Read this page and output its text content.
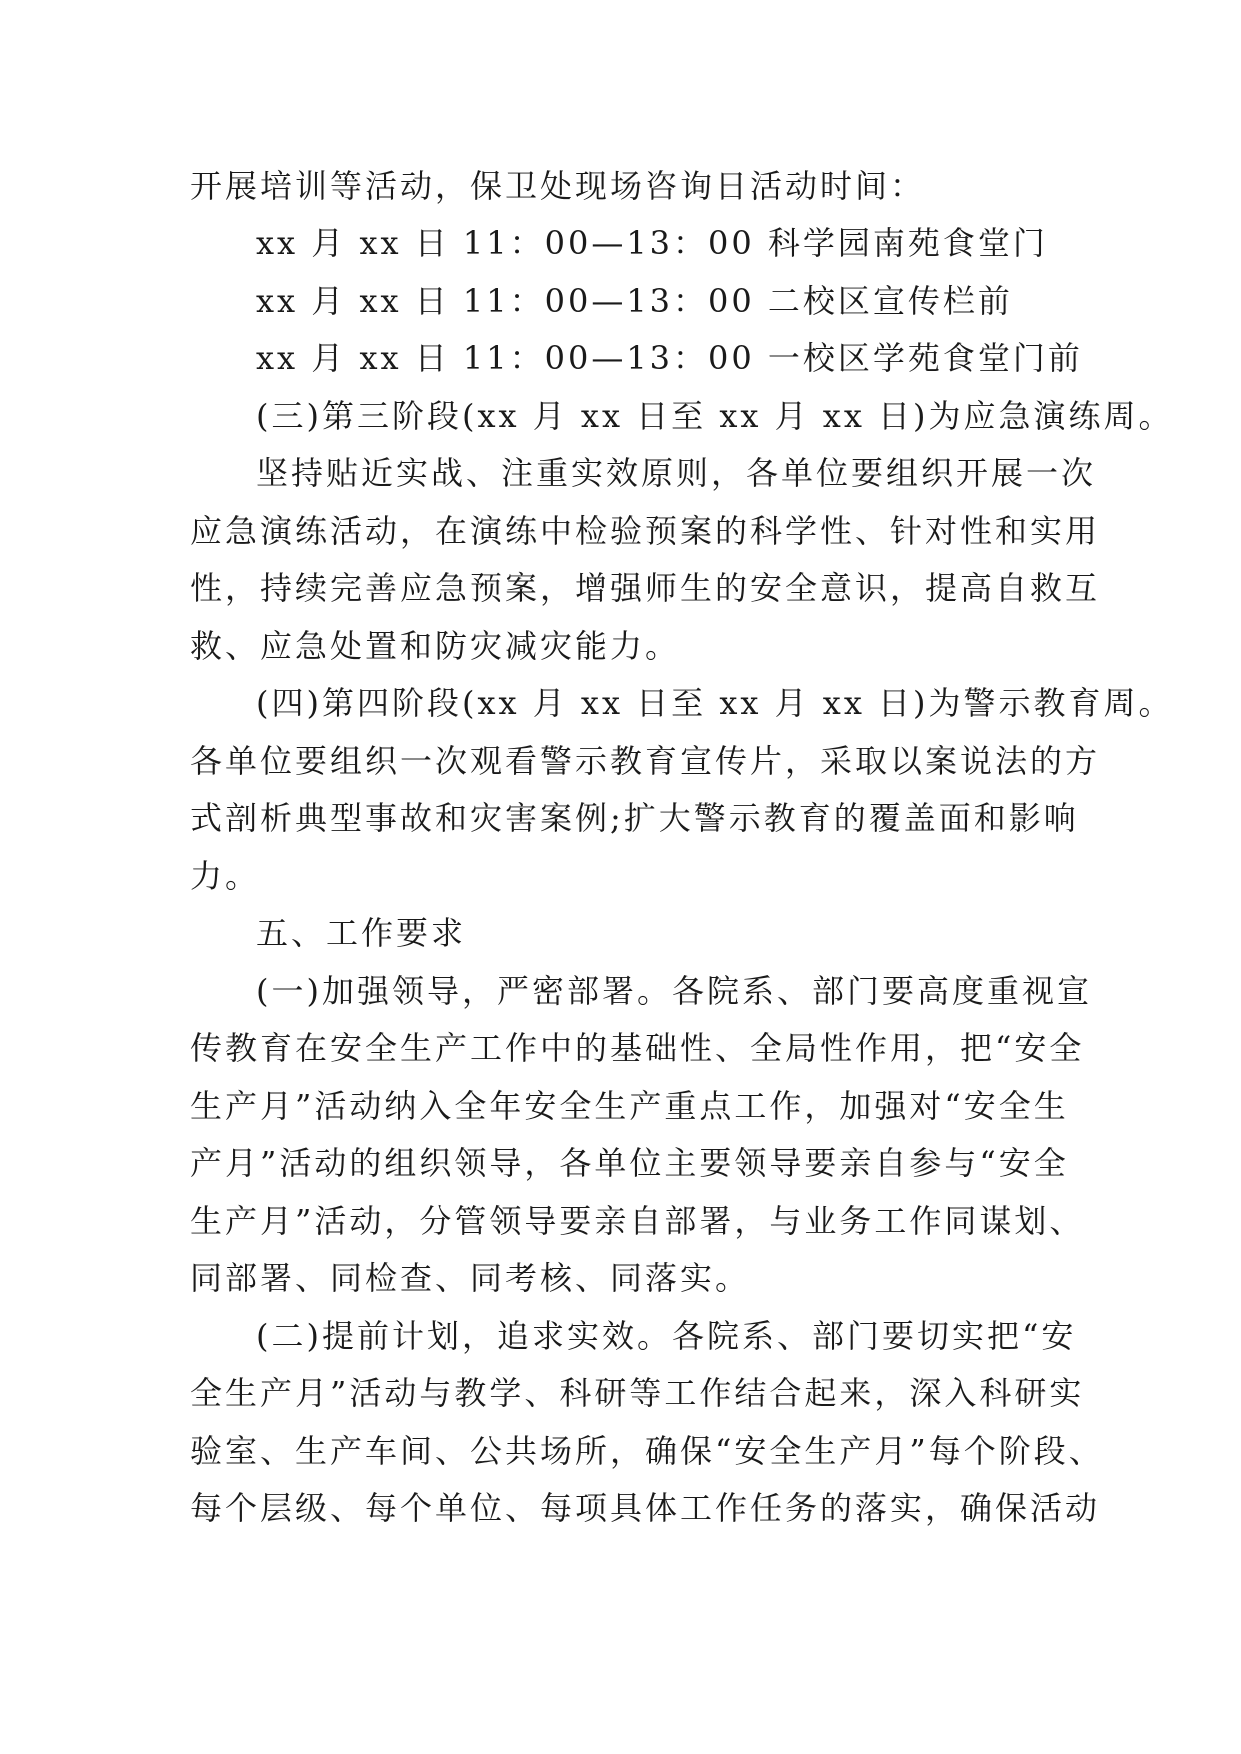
开展培训等活动，保卫处现场咨询日活动时间：
xx 月 xx 日 11：00—13：00 科学园南苑食堂门
xx 月 xx 日 11：00—13：00 二校区宣传栏前
xx 月 xx 日 11：00—13：00 一校区学苑食堂门前
(三)第三阶段(xx 月 xx 日至 xx 月 xx 日)为应急演练周。
坚持贴近实战、注重实效原则，各单位要组织开展一次
应急演练活动，在演练中检验预案的科学性、针对性和实用
性，持续完善应急预案，增强师生的安全意识，提高自救互
救、应急处置和防灾减灾能力。
(四)第四阶段(xx 月 xx 日至 xx 月 xx 日)为警示教育周。
各单位要组织一次观看警示教育宣传片，采取以案说法的方
式剖析典型事故和灾害案例;扩大警示教育的覆盖面和影响
力。
五、工作要求
(一)加强领导，严密部署。各院系、部门要高度重视宣
传教育在安全生产工作中的基础性、全局性作用，把“安全
生产月”活动纳入全年安全生产重点工作，加强对“安全生
产月”活动的组织领导，各单位主要领导要亲自参与“安全
生产月”活动，分管领导要亲自部署，与业务工作同谋划、
同部署、同检查、同考核、同落实。
(二)提前计划，追求实效。各院系、部门要切实把“安
全生产月”活动与教学、科研等工作结合起来，深入科研实
验室、生产车间、公共场所，确保“安全生产月”每个阶段、
每个层级、每个单位、每项具体工作任务的落实，确保活动
